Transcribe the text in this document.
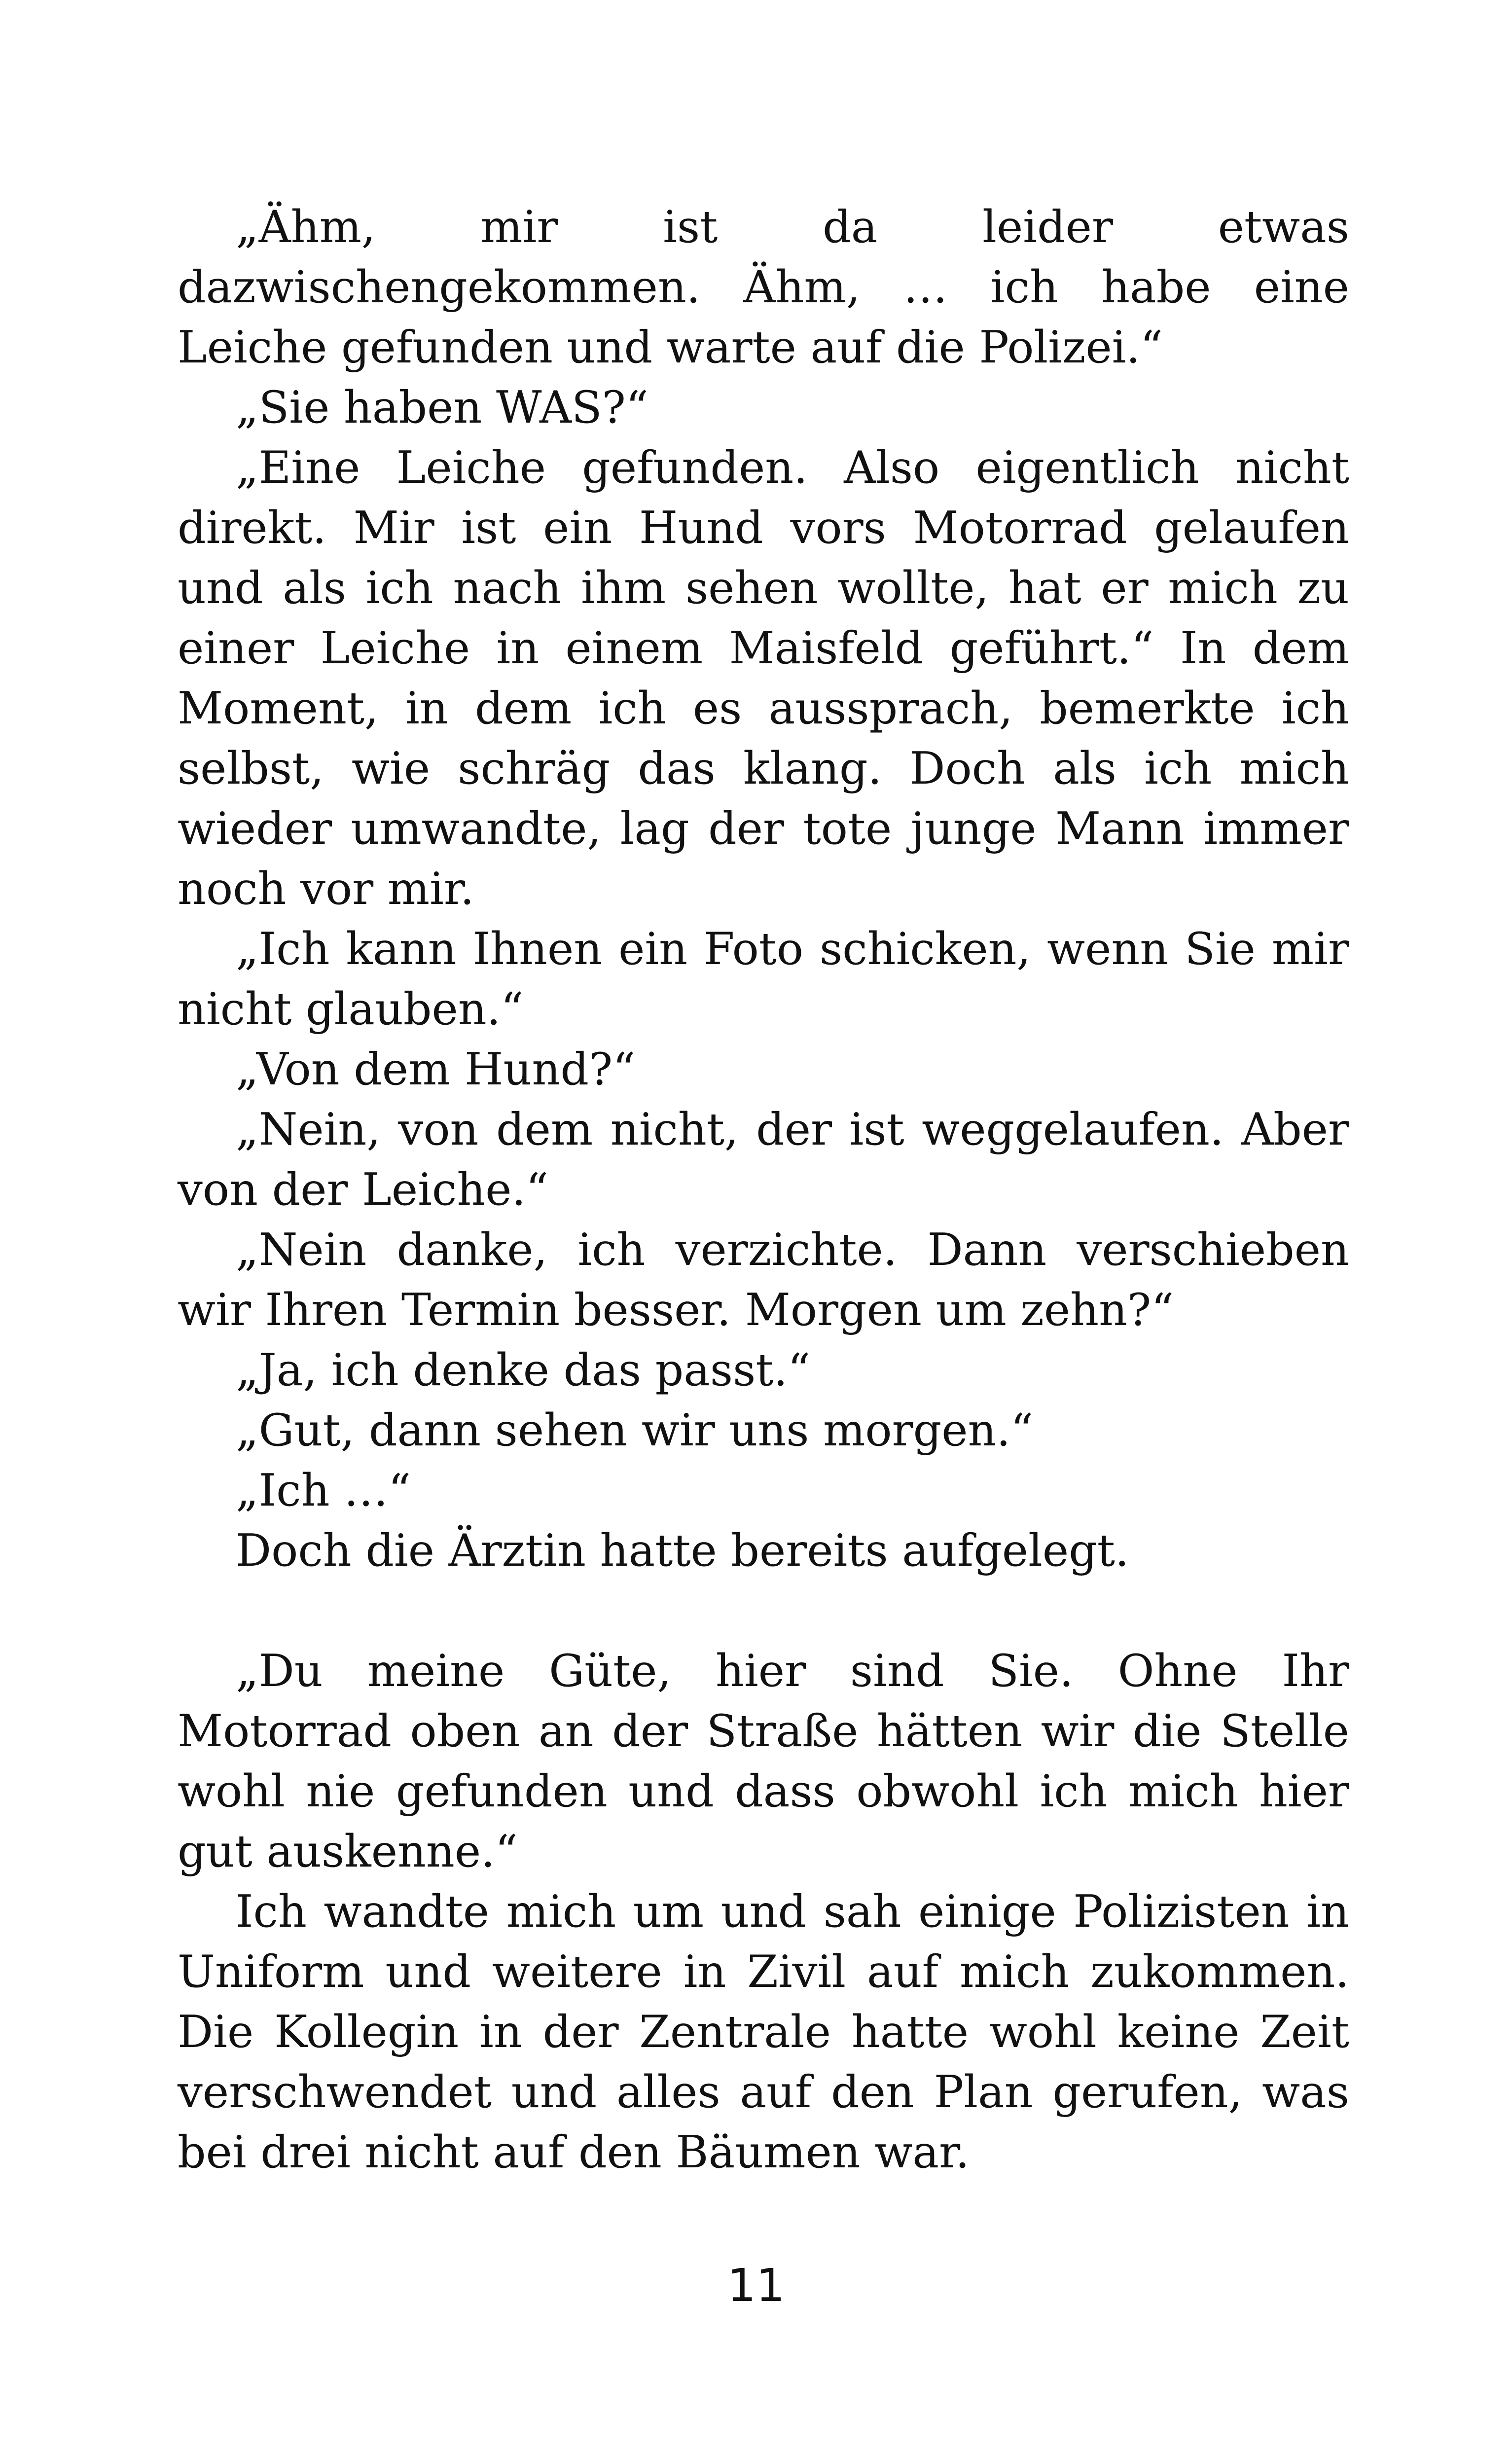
„Ähm, mir ist da leider etwas dazwischengekommen. Ähm, … ich habe eine Leiche gefunden und warte auf die Polizei.“

„Sie haben WAS?“

„Eine Leiche gefunden. Also eigentlich nicht direkt. Mir ist ein Hund vors Motorrad gelaufen und als ich nach ihm sehen wollte, hat er mich zu einer Leiche in einem Maisfeld geführt.“ In dem Moment, in dem ich es aussprach, bemerkte ich selbst, wie schräg das klang. Doch als ich mich wieder umwandte, lag der tote junge Mann immer noch vor mir.

„Ich kann Ihnen ein Foto schicken, wenn Sie mir nicht glauben.“

„Von dem Hund?“

„Nein, von dem nicht, der ist weggelaufen. Aber von der Leiche.“

„Nein danke, ich verzichte. Dann verschieben wir Ihren Termin besser. Morgen um zehn?“

„Ja, ich denke das passt.“

„Gut, dann sehen wir uns morgen.“

„Ich …“

Doch die Ärztin hatte bereits aufgelegt.

„Du meine Güte, hier sind Sie. Ohne Ihr Motorrad oben an der Straße hätten wir die Stelle wohl nie gefunden und dass obwohl ich mich hier gut auskenne.“

Ich wandte mich um und sah einige Polizisten in Uniform und weitere in Zivil auf mich zukommen. Die Kollegin in der Zentrale hatte wohl keine Zeit verschwendet und alles auf den Plan gerufen, was bei drei nicht auf den Bäumen war.

11
